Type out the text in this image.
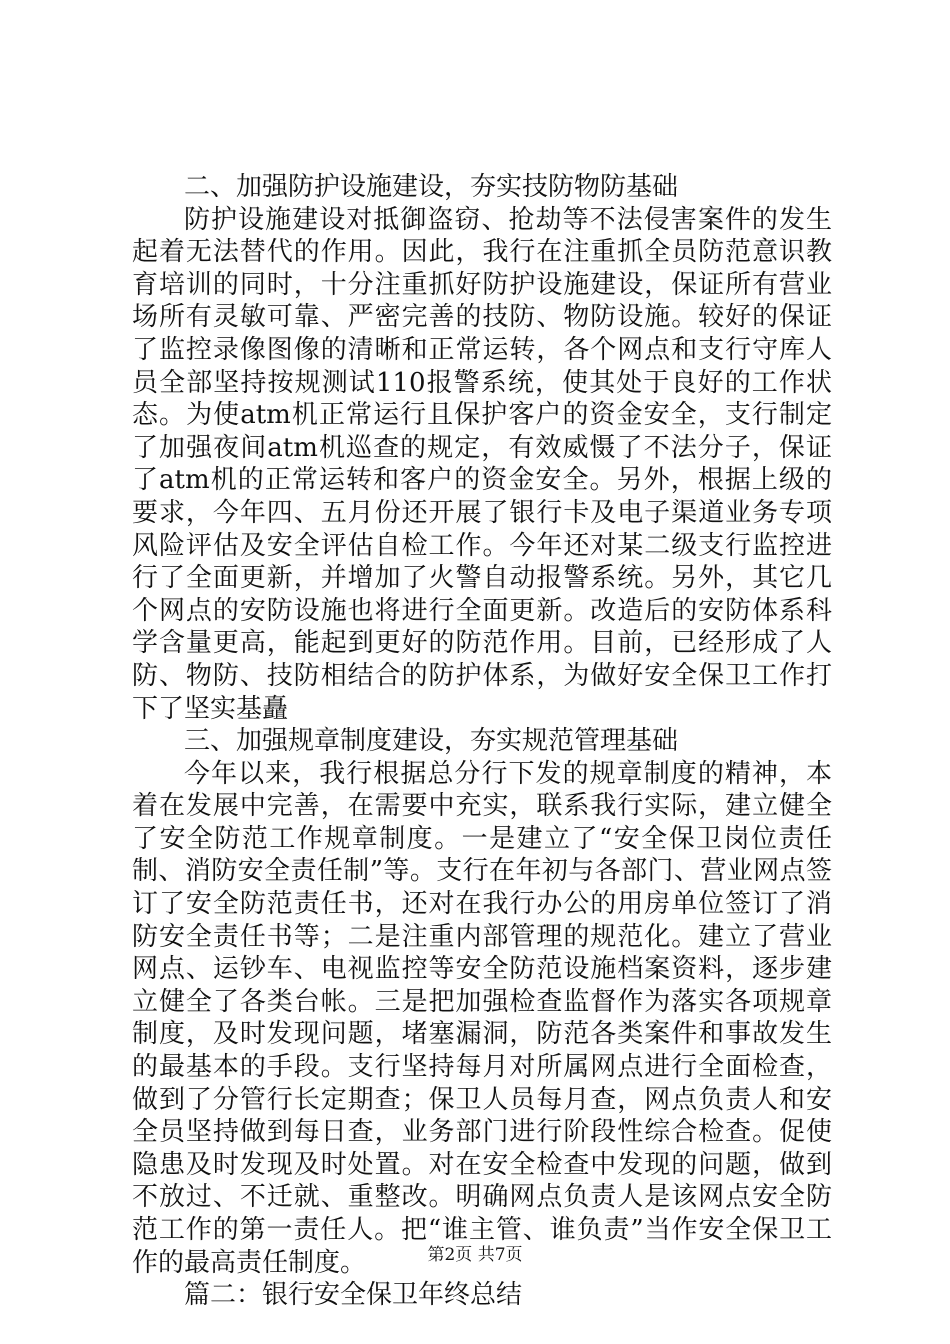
二、加强防护设施建设，夯实技防物防基础

防护设施建设对抵御盗窃、抢劫等不法侵害案件的发生起着无法替代的作用。因此，我行在注重抓全员防范意识教育培训的同时，十分注重抓好防护设施建设，保证所有营业场所有灵敏可靠、严密完善的技防、物防设施。较好的保证了监控录像图像的清晰和正常运转，各个网点和支行守库人员全部坚持按规测试110报警系统，使其处于良好的工作状态。为使atm机正常运行且保护客户的资金安全，支行制定了加强夜间atm机巡查的规定，有效威慑了不法分子，保证了atm机的正常运转和客户的资金安全。另外，根据上级的要求，今年四、五月份还开展了银行卡及电子渠道业务专项风险评估及安全评估自检工作。今年还对某二级支行监控进行了全面更新，并增加了火警自动报警系统。另外，其它几个网点的安防设施也将进行全面更新。改造后的安防体系科学含量更高，能起到更好的防范作用。目前，已经形成了人防、物防、技防相结合的防护体系，为做好安全保卫工作打下了坚实基矗

三、加强规章制度建设，夯实规范管理基础

今年以来，我行根据总分行下发的规章制度的精神，本着在发展中完善，在需要中充实，联系我行实际，建立健全了安全防范工作规章制度。一是建立了“安全保卫岗位责任制、消防安全责任制”等。支行在年初与各部门、营业网点签订了安全防范责任书，还对在我行办公的用房单位签订了消防安全责任书等；二是注重内部管理的规范化。建立了营业网点、运钞车、电视监控等安全防范设施档案资料，逐步建立健全了各类台帐。三是把加强检查监督作为落实各项规章制度，及时发现问题，堵塞漏洞，防范各类案件和事故发生的最基本的手段。支行坚持每月对所属网点进行全面检查，做到了分管行长定期查；保卫人员每月查，网点负责人和安全员坚持做到每日查，业务部门进行阶段性综合检查。促使隐患及时发现及时处置。对在安全检查中发现的问题，做到不放过、不迁就、重整改。明确网点负责人是该网点安全防范工作的第一责任人。把“谁主管、谁负责”当作安全保卫工作的最高责任制度。

篇二：银行安全保卫年终总结

第2页 共7页
